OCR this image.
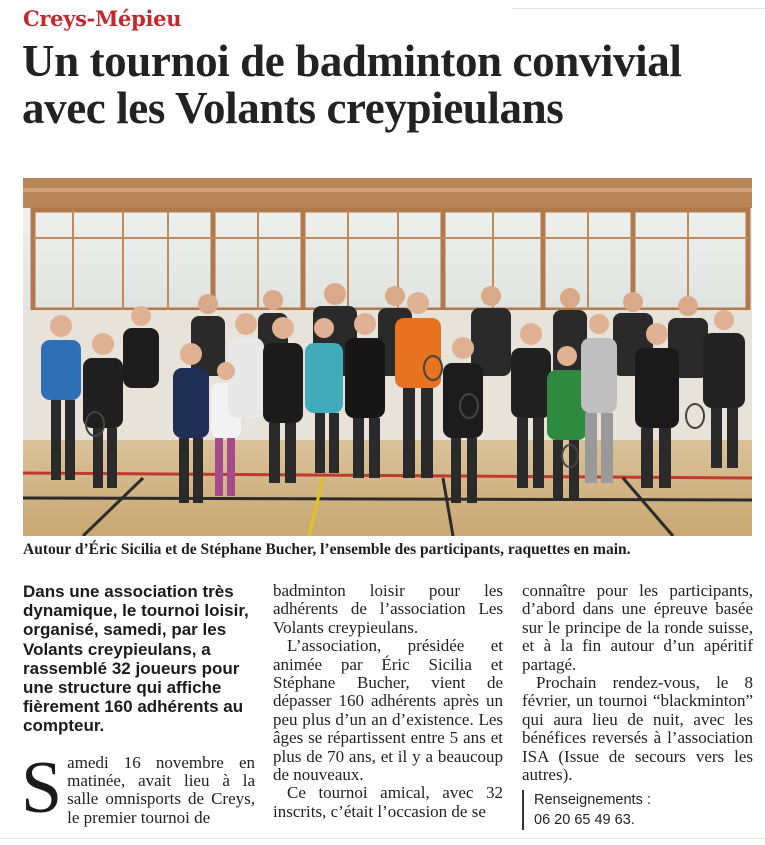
Creys-Mépieu
Un tournoi de badminton convivial avec les Volants creypieulans
Autour d’Éric Sicilia et de Stéphane Bucher, l’ensemble des participants, raquettes en main.

Dans une association très dynamique, le tournoi loisir, organisé, samedi, par les Volants creypieulans, a rassemblé 32 joueurs pour une structure qui affiche fièrement 160 adhérents au compteur.

Samedi 16 novembre en matinée, avait lieu à la salle omnisports de Creys, le premier tournoi de

badminton loisir pour les adhérents de l’association Les Volants creypieulans.

L’association, présidée et animée par Éric Sicilia et Stéphane Bucher, vient de dépasser 160 adhérents après un peu plus d’un an d’existence. Les âges se répartissent entre 5 ans et plus de 70 ans, et il y a beaucoup de nouveaux.

Ce tournoi amical, avec 32 inscrits, c’était l’occasion de se

connaître pour les participants, d’abord dans une épreuve basée sur le principe de la ronde suisse, et à la fin autour d’un apéritif partagé.

Prochain rendez-vous, le 8 février, un tournoi “blackminton” qui aura lieu de nuit, avec les bénéfices reversés à l’association ISA (Issue de secours vers les autres).

Renseignements :
06 20 65 49 63.
